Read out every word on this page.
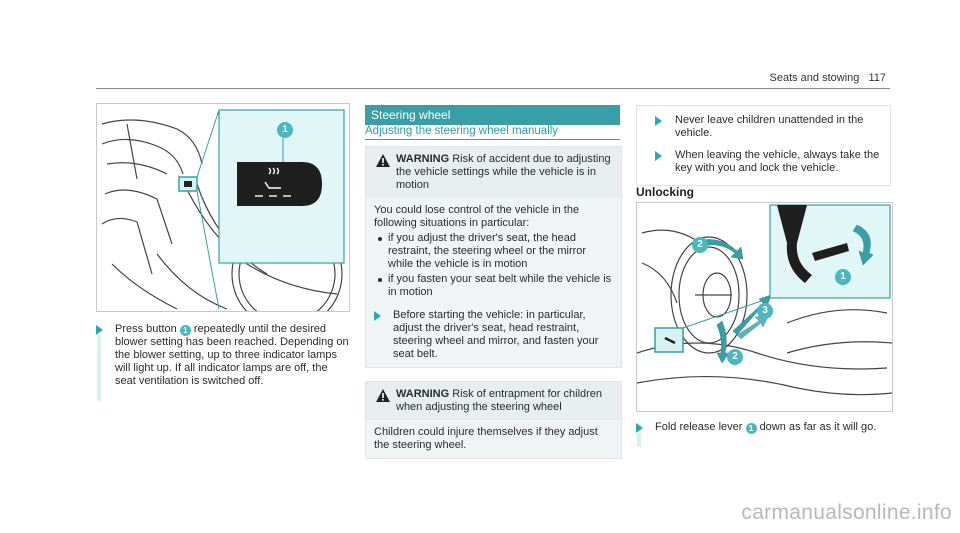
Seats and stowing 117
1
Press button 1 repeatedly until the desired blower setting has been reached. Depending on the blower setting, up to three indicator lamps will light up. If all indicator lamps are off, the seat ventilation is switched off.
Steering wheel
Adjusting the steering wheel manually
WARNING Risk of accident due to adjusting the vehicle settings while the vehicle is in motion
You could lose control of the vehicle in the following situations in particular:
if you adjust the driver's seat, the head restraint, the steering wheel or the mirror while the vehicle is in motion
if you fasten your seat belt while the vehicle is in motion
Before starting the vehicle: in particular, adjust the driver's seat, head restraint, steering wheel and mirror, and fasten your seat belt.
WARNING Risk of entrapment for children when adjusting the steering wheel
Children could injure themselves if they adjust the steering wheel.
Never leave children unattended in the vehicle.
When leaving the vehicle, always take the key with you and lock the vehicle.
Unlocking
2
1
3
2
Fold release lever 1 down as far as it will go.
carmanualsonline.info
